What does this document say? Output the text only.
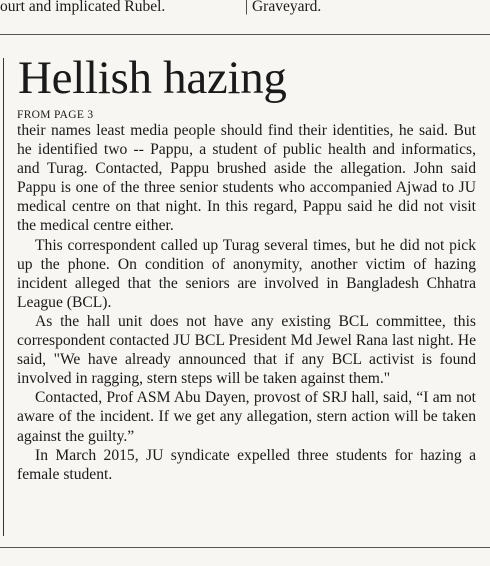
ourt and implicated Rubel.	| Graveyard.
Hellish hazing
FROM PAGE 3

their names least media people should find their identities, he said. But he identified two -- Pappu, a student of public health and informatics, and Turag. Contacted, Pappu brushed aside the allegation. John said Pappu is one of the three senior students who accompanied Ajwad to JU medical centre on that night. In this regard, Pappu said he did not visit the medical centre either.

This correspondent called up Turag several times, but he did not pick up the phone. On condition of anonymity, another victim of hazing incident alleged that the seniors are involved in Bangladesh Chhatra League (BCL).

As the hall unit does not have any existing BCL committee, this correspondent contacted JU BCL President Md Jewel Rana last night. He said, "We have already announced that if any BCL activist is found involved in ragging, stern steps will be taken against them."

Contacted, Prof ASM Abu Dayen, provost of SRJ hall, said, “I am not aware of the incident. If we get any allegation, stern action will be taken against the guilty.”

In March 2015, JU syndicate expelled three students for hazing a female student.
